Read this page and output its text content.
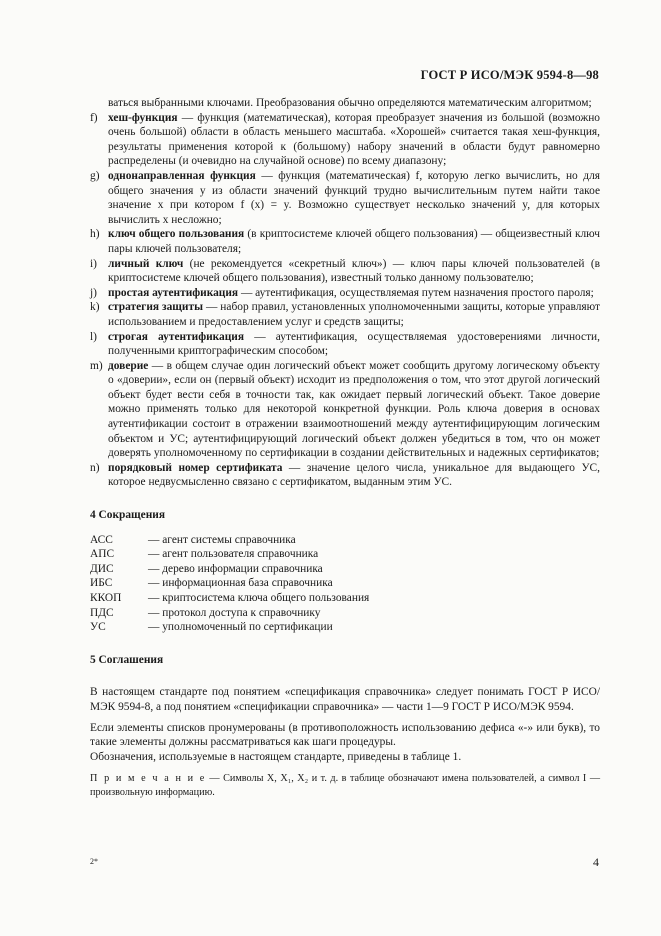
ГОСТ Р ИСО/МЭК 9594-8—98
ваться выбранными ключами. Преобразования обычно определяются математическим алгоритмом;
f) хеш-функция — функция (математическая), которая преобразует значения из большой (возможно очень большой) области в область меньшего масштаба. «Хорошей» считается такая хеш-функция, результаты применения которой к (большому) набору значений в области будут равномерно распределены (и очевидно на случайной основе) по всему диапазону;
g) однонаправленная функция — функция (математическая) f, которую легко вычислить, но для общего значения y из области значений функций трудно вычислительным путем найти такое значение x при котором f (x) = y. Возможно существует несколько значений y, для которых вычислить x несложно;
h) ключ общего пользования (в криптосистеме ключей общего пользования) — общеизвестный ключ пары ключей пользователя;
i) личный ключ (не рекомендуется «секретный ключ») — ключ пары ключей пользователей (в криптосистеме ключей общего пользования), известный только данному пользователю;
j) простая аутентификация — аутентификация, осуществляемая путем назначения простого пароля;
k) стратегия защиты — набор правил, установленных уполномоченными защиты, которые управляют использованием и предоставлением услуг и средств защиты;
l) строгая аутентификация — аутентификация, осуществляемая удостоверениями личности, полученными криптографическим способом;
m) доверие — в общем случае один логический объект может сообщить другому логическому объекту о «доверии», если он (первый объект) исходит из предположения о том, что этот другой логический объект будет вести себя в точности так, как ожидает первый логический объект. Такое доверие можно применять только для некоторой конкретной функции. Роль ключа доверия в основах аутентификации состоит в отражении взаимоотношений между аутентифицирующим логическим объектом и УС; аутентифицирующий логический объект должен убедиться в том, что он может доверять уполномоченному по сертификации в создании действительных и надежных сертификатов;
n) порядковый номер сертификата — значение целого числа, уникальное для выдающего УС, которое недвусмысленно связано с сертификатом, выданным этим УС.
4 Сокращения
АСС	— агент системы справочника
АПС	— агент пользователя справочника
ДИС	— дерево информации справочника
ИБС	— информационная база справочника
ККОП	— криптосистема ключа общего пользования
ПДС	— протокол доступа к справочнику
УС	— уполномоченный по сертификации
5 Соглашения

В настоящем стандарте под понятием «спецификация справочника» следует понимать ГОСТ Р ИСО/МЭК 9594-8, а под понятием «спецификации справочника» — части 1—9 ГОСТ Р ИСО/МЭК 9594.

Если элементы списков пронумерованы (в противоположность использованию дефиса «-» или букв), то такие элементы должны рассматриваться как шаги процедуры.

Обозначения, используемые в настоящем стандарте, приведены в таблице 1.

П р и м е ч а н и е — Символы X, X₁, X₂ и т. д. в таблице обозначают имена пользователей, а символ I — произвольную информацию.
2*	4
